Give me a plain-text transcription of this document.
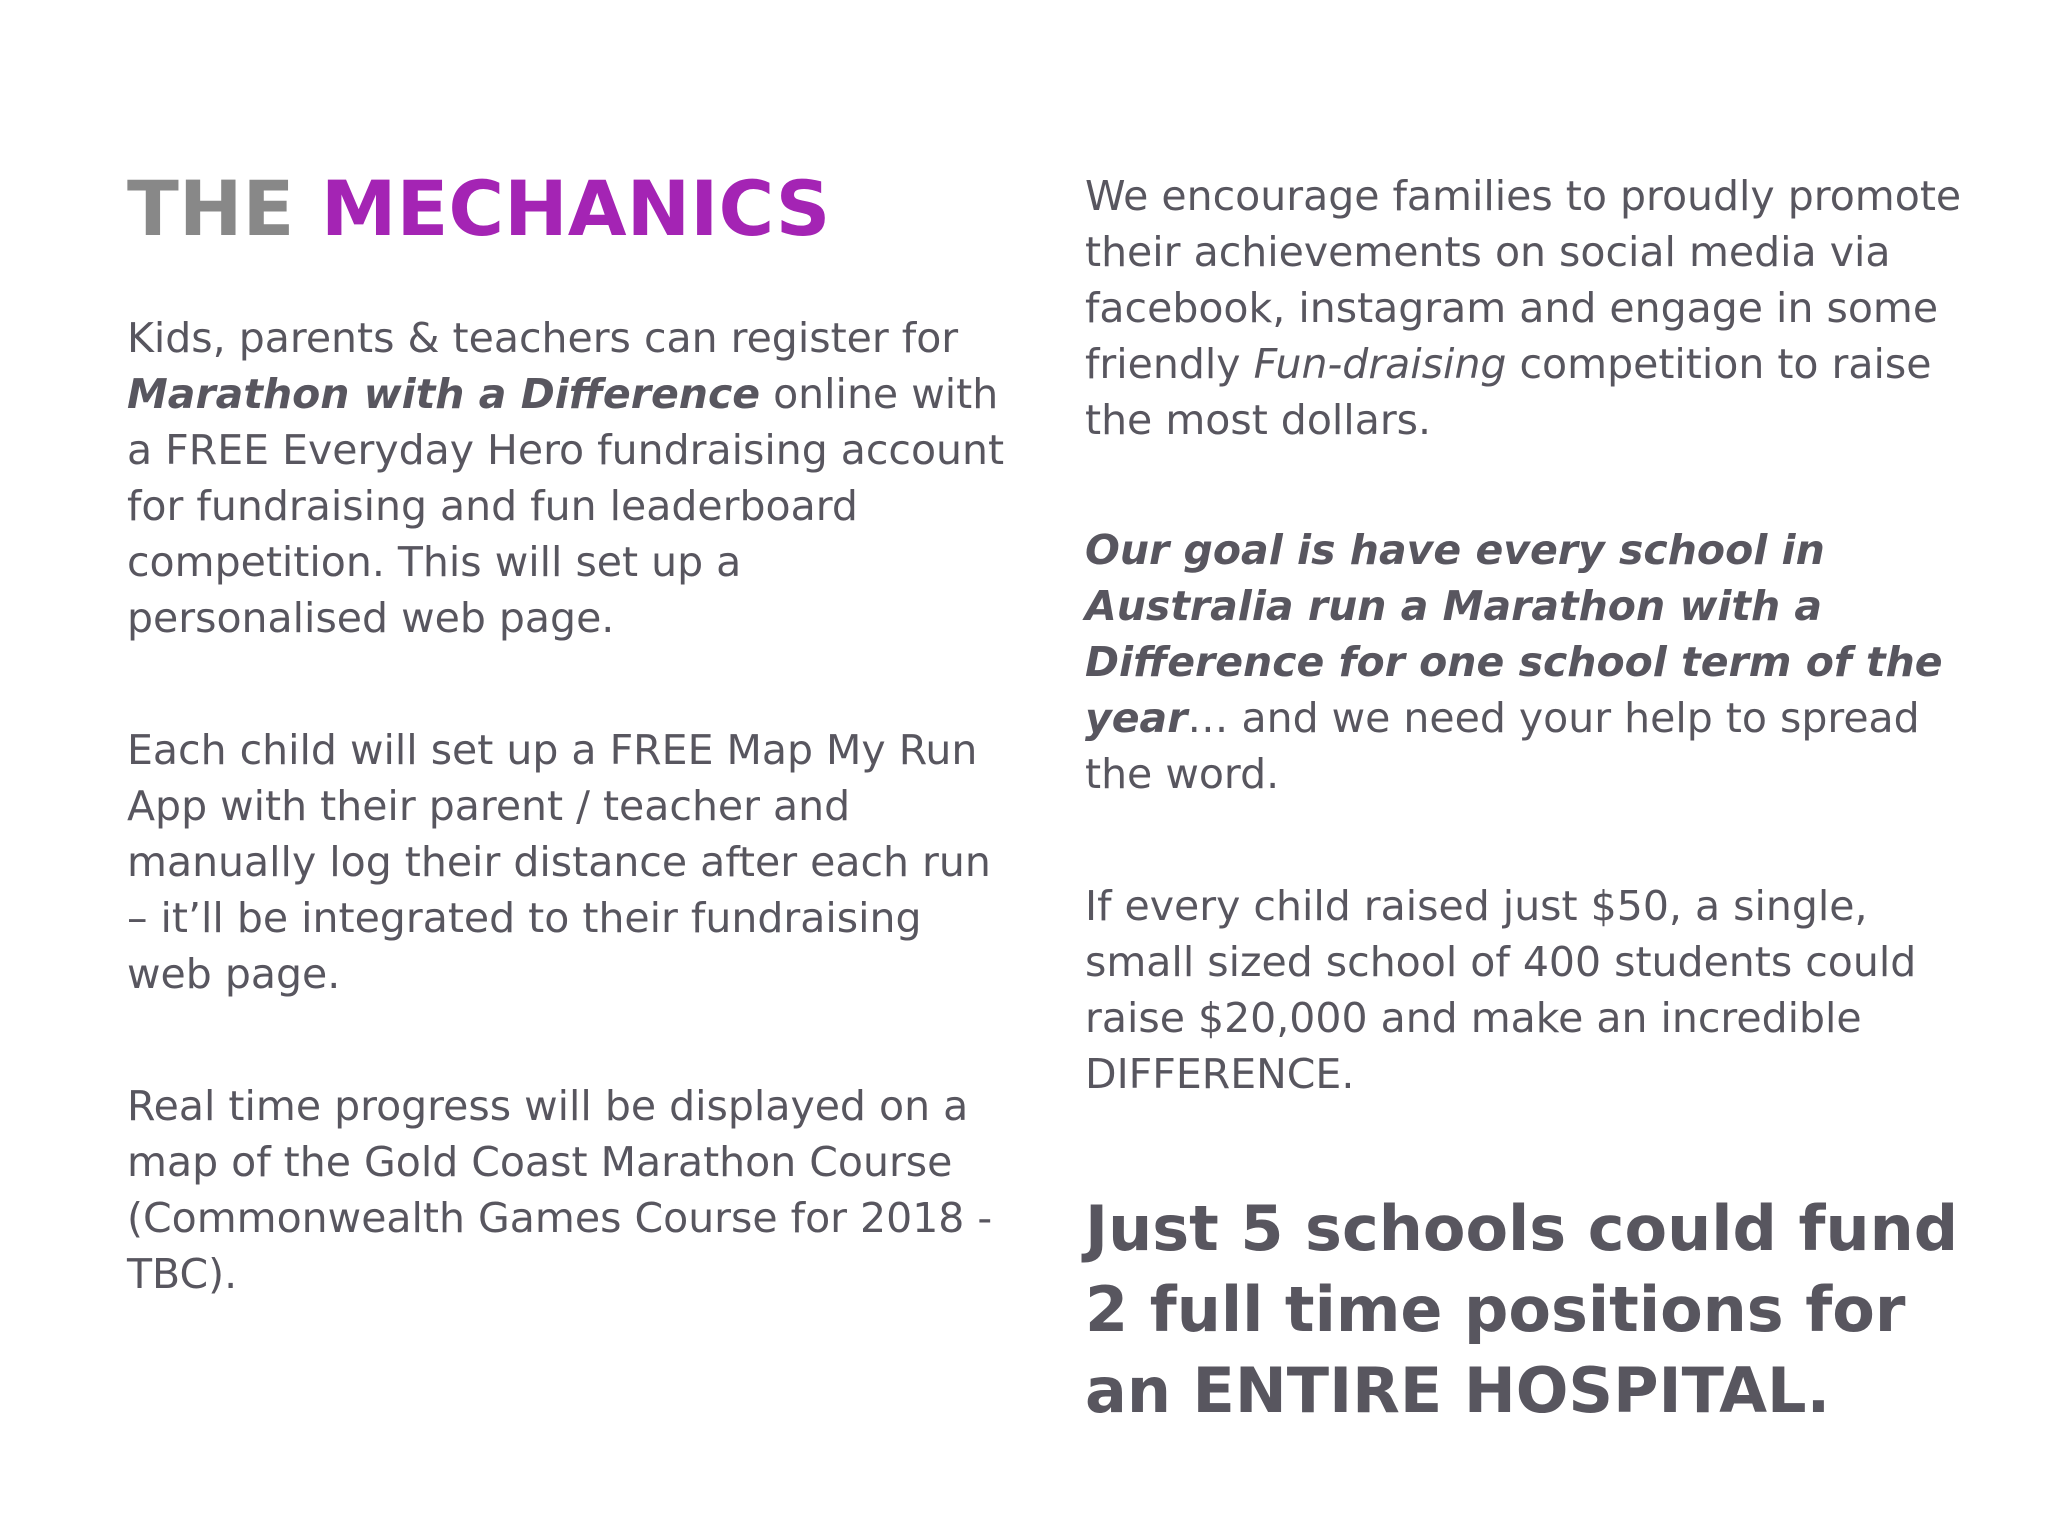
THE MECHANICS

Kids, parents & teachers can register for Marathon with a Difference online with a FREE Everyday Hero fundraising account for fundraising and fun leaderboard competition. This will set up a personalised web page.

Each child will set up a FREE Map My Run App with their parent / teacher and manually log their distance after each run – it’ll be integrated to their fundraising web page.

Real time progress will be displayed on a map of the Gold Coast Marathon Course (Commonwealth Games Course for 2018 - TBC).

We encourage families to proudly promote their achievements on social media via facebook, instagram and engage in some friendly Fun-draising competition to raise the most dollars.

Our goal is have every school in Australia run a Marathon with a Difference for one school term of the year… and we need your help to spread the word.

If every child raised just $50, a single, small sized school of 400 students could raise $20,000 and make an incredible DIFFERENCE.

Just 5 schools could fund 2 full time positions for an ENTIRE HOSPITAL.
